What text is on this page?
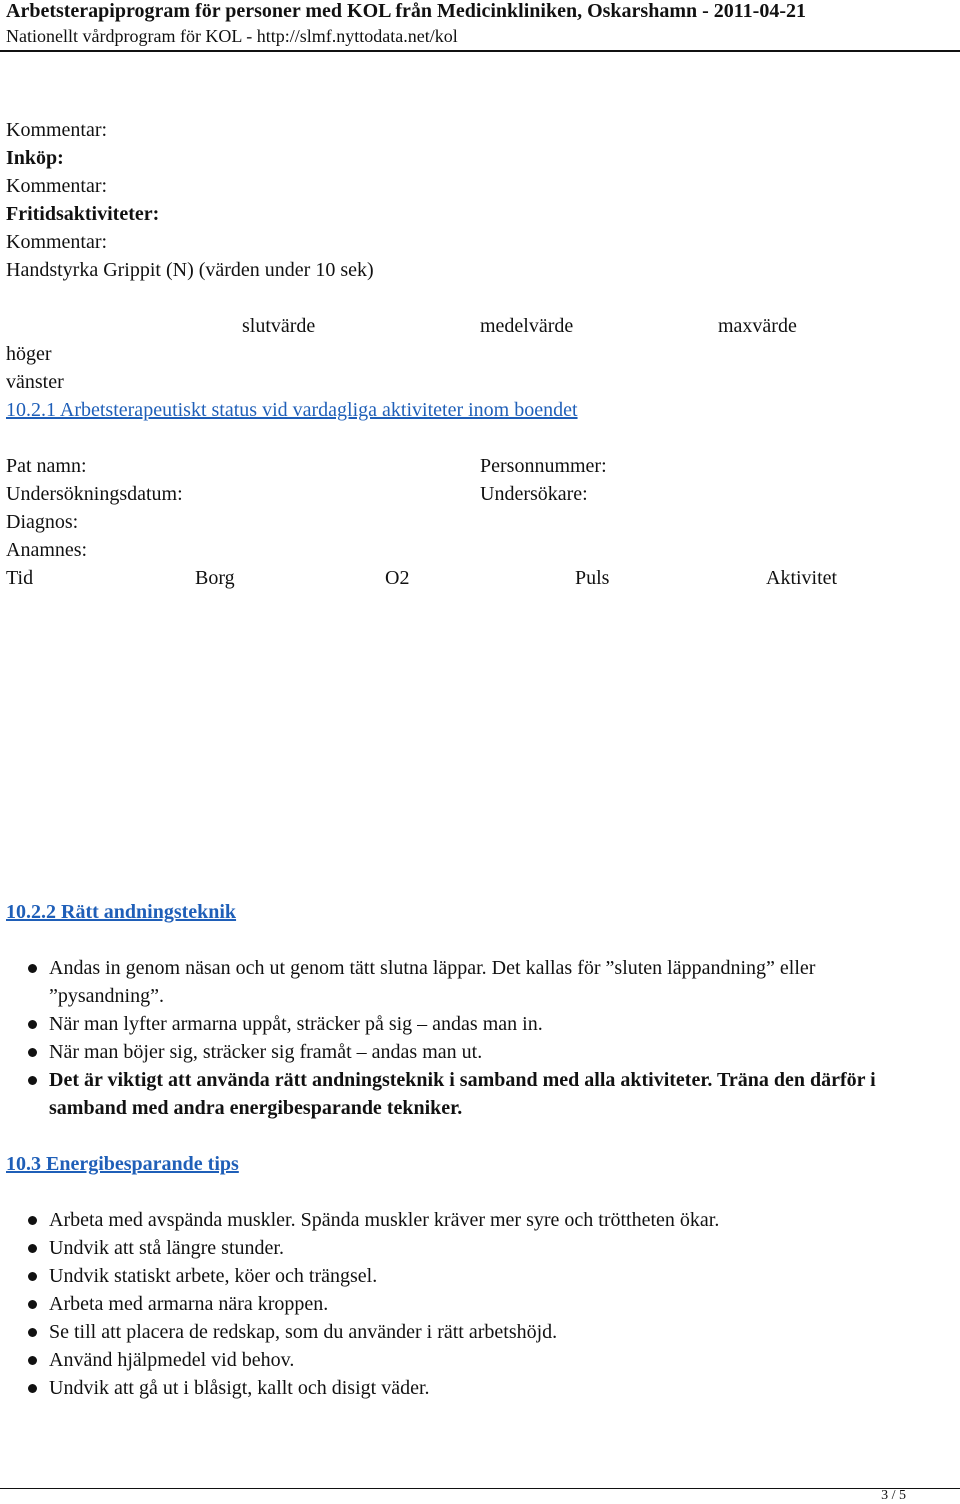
Arbetsterapiprogram för personer med KOL från Medicinkliniken, Oskarshamn - 2011-04-21
Nationellt vårdprogram för KOL - http://slmf.nyttodata.net/kol
Kommentar:
Inköp:
Kommentar:
Fritidsaktiviteter:
Kommentar:
Handstyrka Grippit (N) (värden under 10 sek)
slutvärde	medelvärde	maxvärde
höger
vänster
10.2.1 Arbetsterapeutiskt status vid vardagliga aktiviteter inom boendet
Pat namn:	Personnummer:
Undersökningsdatum:	Undersökare:
Diagnos:
Anamnes:
Tid	Borg	O2	Puls	Aktivitet
10.2.2 Rätt andningsteknik
Andas in genom näsan och ut genom tätt slutna läppar. Det kallas för ”sluten läppandning” eller ”pysandning”.
När man lyfter armarna uppåt, sträcker på sig – andas man in.
När man böjer sig, sträcker sig framåt – andas man ut.
Det är viktigt att använda rätt andningsteknik i samband med alla aktiviteter. Träna den därför i samband med andra energibesparande tekniker.
10.3 Energibesparande tips
Arbeta med avspända muskler. Spända muskler kräver mer syre och tröttheten ökar.
Undvik att stå längre stunder.
Undvik statiskt arbete, köer och trängsel.
Arbeta med armarna nära kroppen.
Se till att placera de redskap, som du använder i rätt arbetshöjd.
Använd hjälpmedel vid behov.
Undvik att gå ut i blåsigt, kallt och disigt väder.
3 / 5
